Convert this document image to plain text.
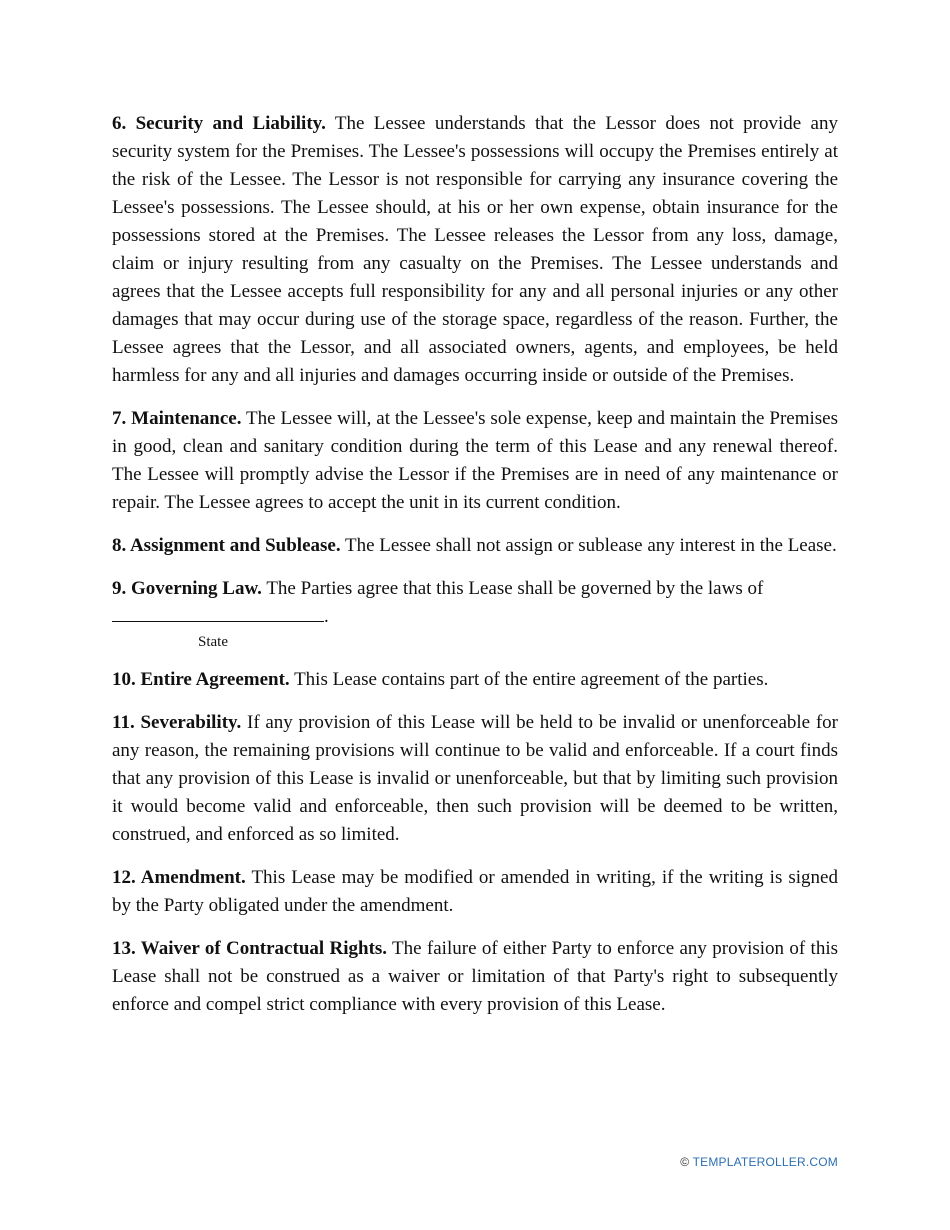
6. Security and Liability. The Lessee understands that the Lessor does not provide any security system for the Premises. The Lessee's possessions will occupy the Premises entirely at the risk of the Lessee. The Lessor is not responsible for carrying any insurance covering the Lessee's possessions. The Lessee should, at his or her own expense, obtain insurance for the possessions stored at the Premises. The Lessee releases the Lessor from any loss, damage, claim or injury resulting from any casualty on the Premises. The Lessee understands and agrees that the Lessee accepts full responsibility for any and all personal injuries or any other damages that may occur during use of the storage space, regardless of the reason. Further, the Lessee agrees that the Lessor, and all associated owners, agents, and employees, be held harmless for any and all injuries and damages occurring inside or outside of the Premises.

7. Maintenance. The Lessee will, at the Lessee's sole expense, keep and maintain the Premises in good, clean and sanitary condition during the term of this Lease and any renewal thereof. The Lessee will promptly advise the Lessor if the Premises are in need of any maintenance or repair. The Lessee agrees to accept the unit in its current condition.

8. Assignment and Sublease. The Lessee shall not assign or sublease any interest in the Lease.

9. Governing Law. The Parties agree that this Lease shall be governed by the laws of

.
State

10. Entire Agreement. This Lease contains part of the entire agreement of the parties.

11. Severability. If any provision of this Lease will be held to be invalid or unenforceable for any reason, the remaining provisions will continue to be valid and enforceable. If a court finds that any provision of this Lease is invalid or unenforceable, but that by limiting such provision it would become valid and enforceable, then such provision will be deemed to be written, construed, and enforced as so limited.

12. Amendment. This Lease may be modified or amended in writing, if the writing is signed by the Party obligated under the amendment.

13. Waiver of Contractual Rights. The failure of either Party to enforce any provision of this Lease shall not be construed as a waiver or limitation of that Party's right to subsequently enforce and compel strict compliance with every provision of this Lease.

© TEMPLATEROLLER.COM
